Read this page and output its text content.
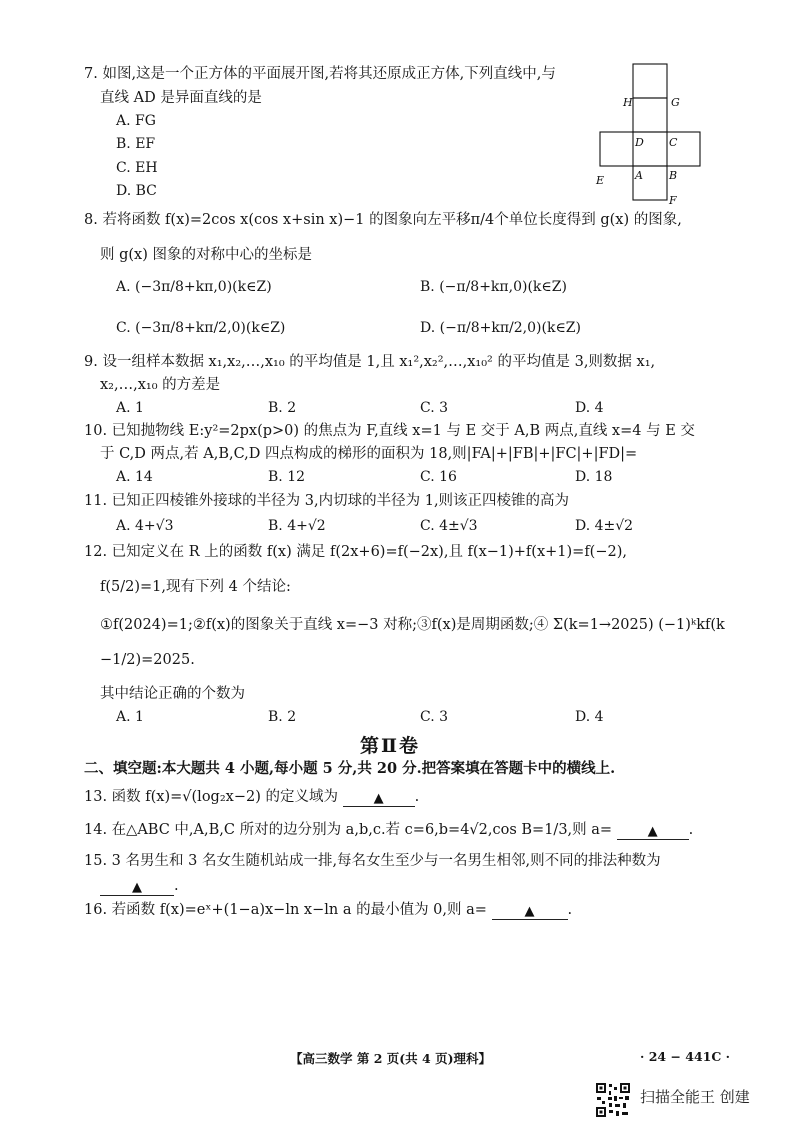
7. 如图,这是一个正方体的平面展开图,若将其还原成正方体,下列直线中,与
直线 AD 是异面直线的是
A. FG
B. EF
C. EH
D. BC
H	G
D C
E	A B
F
8. 若将函数 f(x)=2cos x(cos x+sin x)−1 的图象向左平移π/4个单位长度得到 g(x) 的图象,
则 g(x) 图象的对称中心的坐标是
A. (−3π/8+kπ,0)(k∈Z)	B. (−π/8+kπ,0)(k∈Z)
C. (−3π/8+kπ/2,0)(k∈Z)	D. (−π/8+kπ/2,0)(k∈Z)
9. 设一组样本数据 x₁,x₂,…,x₁₀ 的平均值是 1,且 x₁²,x₂²,…,x₁₀² 的平均值是 3,则数据 x₁,
x₂,…,x₁₀ 的方差是
A. 1	B. 2	C. 3	D. 4
10. 已知抛物线 E:y²=2px(p>0) 的焦点为 F,直线 x=1 与 E 交于 A,B 两点,直线 x=4 与 E 交
于 C,D 两点,若 A,B,C,D 四点构成的梯形的面积为 18,则|FA|+|FB|+|FC|+|FD|=
A. 14	B. 12	C. 16	D. 18
11. 已知正四棱锥外接球的半径为 3,内切球的半径为 1,则该正四棱锥的高为
A. 4+√3	B. 4+√2	C. 4±√3	D. 4±√2
12. 已知定义在 R 上的函数 f(x) 满足 f(2x+6)=f(−2x),且 f(x−1)+f(x+1)=f(−2),
f(5/2)=1,现有下列 4 个结论:
①f(2024)=1;②f(x)的图象关于直线 x=−3 对称;③f(x)是周期函数;④ Σ(k=1→2025) (−1)ᵏkf(k
−1/2)=2025.
其中结论正确的个数为
A. 1	B. 2	C. 3	D. 4
第Ⅱ卷
二、填空题:本大题共 4 小题,每小题 5 分,共 20 分.把答案填在答题卡中的横线上.
13. 函数 f(x)=√(log₂x−2) 的定义域为	▲ .
14. 在△ABC 中,A,B,C 所对的边分别为 a,b,c.若 c=6,b=4√2,cos B=1/3,则 a=	▲ .
15. 3 名男生和 3 名女生随机站成一排,每名女生至少与一名男生相邻,则不同的排法种数为
▲ .
16. 若函数 f(x)=eˣ+(1−a)x−ln x−ln a 的最小值为 0,则 a=	▲ .
【高三数学 第 2 页(共 4 页)理科】	· 24 − 441C ·
扫描全能王 创建
